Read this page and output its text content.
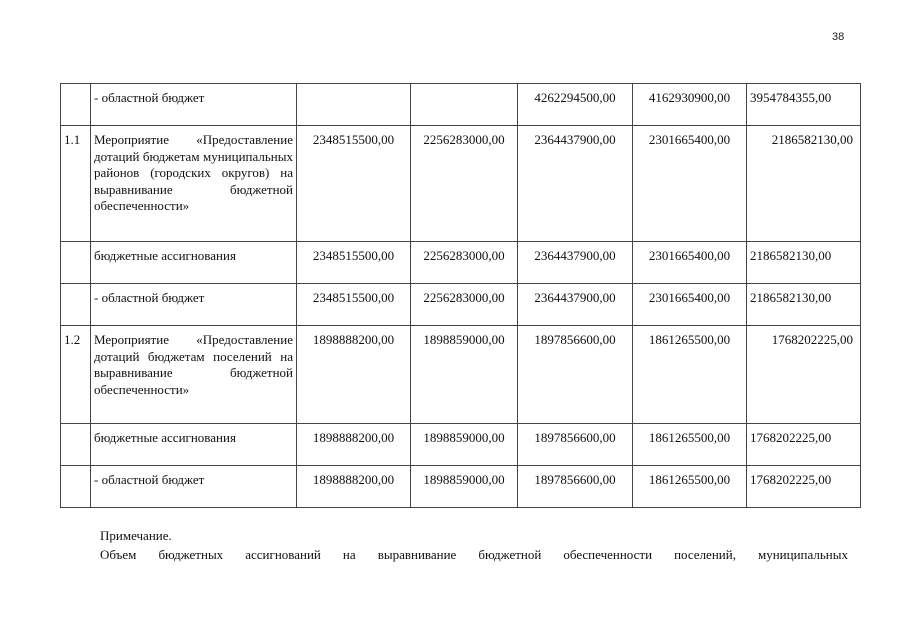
38
	- областной бюджет			4262294500,00	4162930900,00	3954784355,00
1.1	Мероприятие «Предоставление дотаций бюджетам муниципальных районов (городских округов) на выравнивание бюджетной обеспеченности»	2348515500,00	2256283000,00	2364437900,00	2301665400,00	2186582130,00
	бюджетные ассигнования	2348515500,00	2256283000,00	2364437900,00	2301665400,00	2186582130,00
	- областной бюджет	2348515500,00	2256283000,00	2364437900,00	2301665400,00	2186582130,00
1.2	Мероприятие «Предоставление дотаций бюджетам поселений на выравнивание бюджетной обеспеченности»	1898888200,00	1898859000,00	1897856600,00	1861265500,00	1768202225,00
	бюджетные ассигнования	1898888200,00	1898859000,00	1897856600,00	1861265500,00	1768202225,00
	- областной бюджет	1898888200,00	1898859000,00	1897856600,00	1861265500,00	1768202225,00
Примечание.
Объем бюджетных ассигнований на выравнивание бюджетной обеспеченности поселений, муниципальных
